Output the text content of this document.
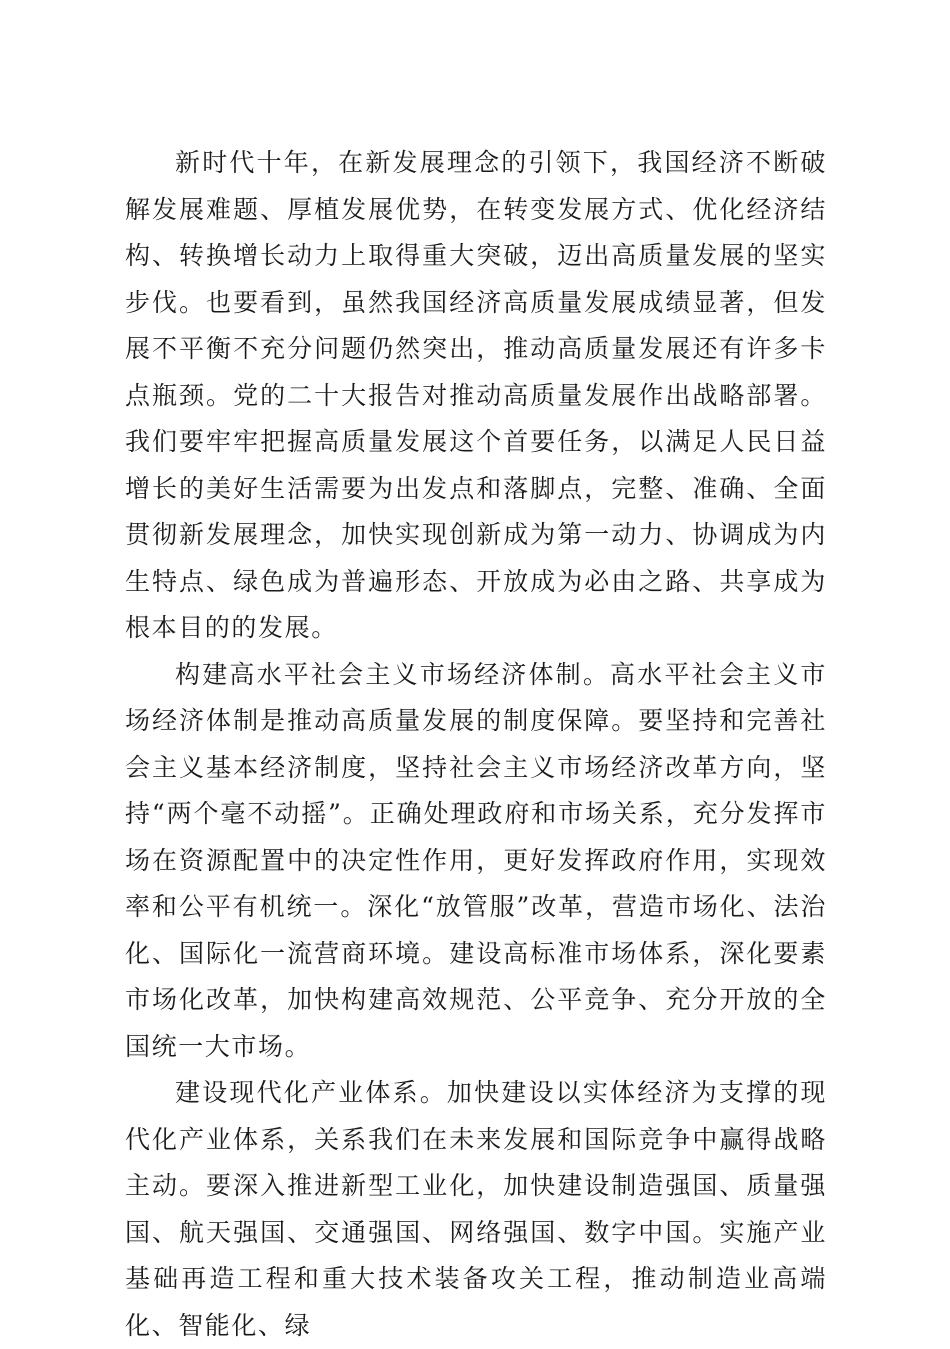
新时代十年，在新发展理念的引领下，我国经济不断破解发展难题、厚植发展优势，在转变发展方式、优化经济结构、转换增长动力上取得重大突破，迈出高质量发展的坚实步伐。也要看到，虽然我国经济高质量发展成绩显著，但发展不平衡不充分问题仍然突出，推动高质量发展还有许多卡点瓶颈。党的二十大报告对推动高质量发展作出战略部署。我们要牢牢把握高质量发展这个首要任务，以满足人民日益增长的美好生活需要为出发点和落脚点，完整、准确、全面贯彻新发展理念，加快实现创新成为第一动力、协调成为内生特点、绿色成为普遍形态、开放成为必由之路、共享成为根本目的的发展。

构建高水平社会主义市场经济体制。高水平社会主义市场经济体制是推动高质量发展的制度保障。要坚持和完善社会主义基本经济制度，坚持社会主义市场经济改革方向，坚持“两个毫不动摇”。正确处理政府和市场关系，充分发挥市场在资源配置中的决定性作用，更好发挥政府作用，实现效率和公平有机统一。深化“放管服”改革，营造市场化、法治化、国际化一流营商环境。建设高标准市场体系，深化要素市场化改革，加快构建高效规范、公平竞争、充分开放的全国统一大市场。

建设现代化产业体系。加快建设以实体经济为支撑的现代化产业体系，关系我们在未来发展和国际竞争中赢得战略主动。要深入推进新型工业化，加快建设制造强国、质量强国、航天强国、交通强国、网络强国、数字中国。实施产业基础再造工程和重大技术装备攻关工程，推动制造业高端化、智能化、绿
